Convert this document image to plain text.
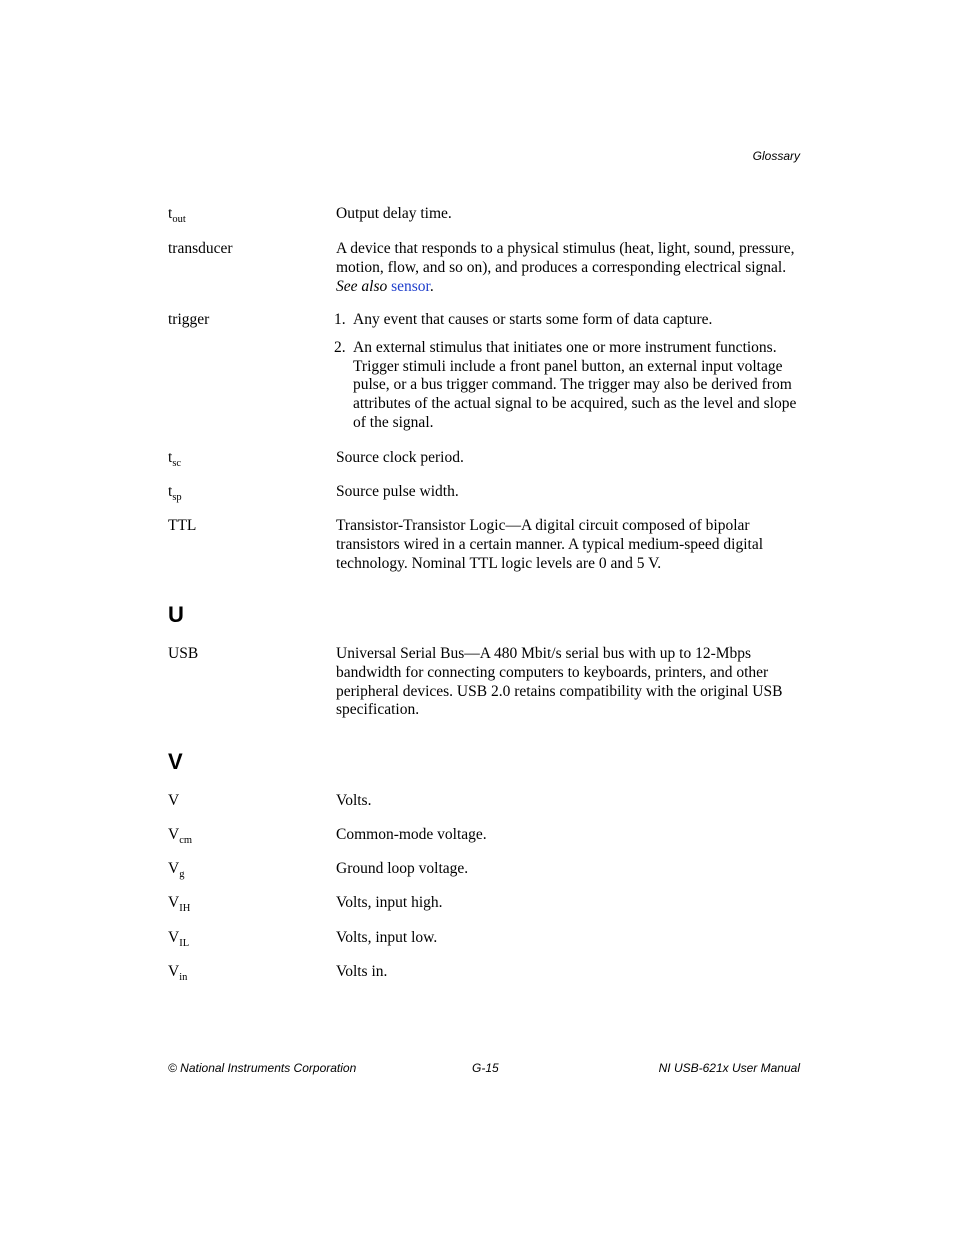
Glossary
$t_{out}$	Output delay time.
transducer	A device that responds to a physical stimulus (heat, light, sound, pressure, motion, flow, and so on), and produces a corresponding electrical signal. See also sensor.
trigger	1. Any event that causes or starts some form of data capture.
2. An external stimulus that initiates one or more instrument functions. Trigger stimuli include a front panel button, an external input voltage pulse, or a bus trigger command. The trigger may also be derived from attributes of the actual signal to be acquired, such as the level and slope of the signal.
$t_{sc}$	Source clock period.
$t_{sp}$	Source pulse width.
TTL	Transistor-Transistor Logic—A digital circuit composed of bipolar transistors wired in a certain manner. A typical medium-speed digital technology. Nominal TTL logic levels are 0 and 5 V.
U
USB	Universal Serial Bus—A 480 Mbit/s serial bus with up to 12-Mbps bandwidth for connecting computers to keyboards, printers, and other peripheral devices. USB 2.0 retains compatibility with the original USB specification.
V
V	Volts.
$V_{cm}$	Common-mode voltage.
$V_g$	Ground loop voltage.
$V_{IH}$	Volts, input high.
$V_{IL}$	Volts, input low.
$V_{in}$	Volts in.
© National Instruments Corporation	G-15	NI USB-621x User Manual
